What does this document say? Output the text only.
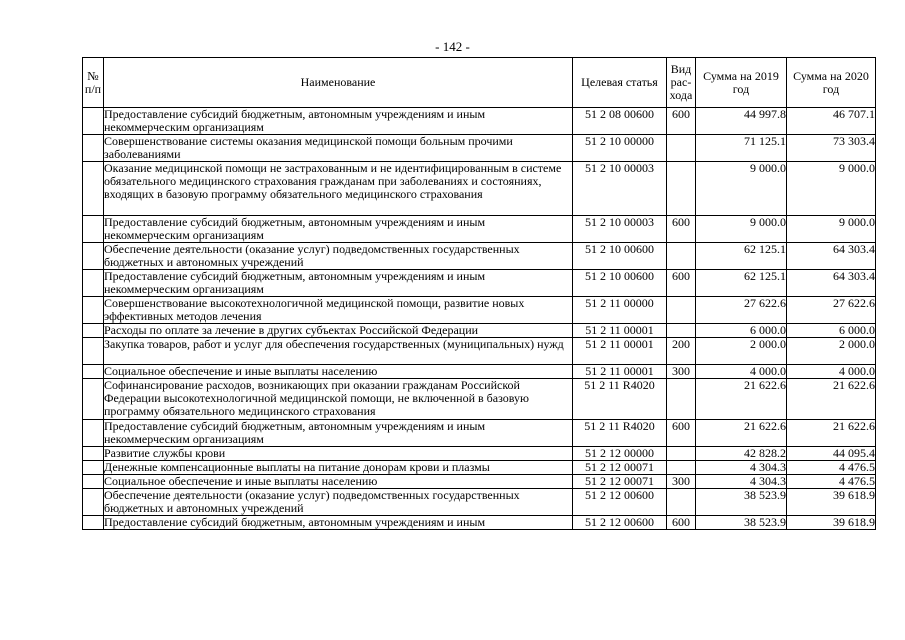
- 142 -
№ п/п	Наименование	Целевая статья	Вид рас-хода	Сумма на 2019 год	Сумма на 2020 год
	Предоставление субсидий бюджетным, автономным учреждениям и иным некоммерческим организациям	51 2 08 00600	600	44 997.8	46 707.1
	Совершенствование системы оказания медицинской помощи больным прочими заболеваниями	51 2 10 00000		71 125.1	73 303.4
	Оказание медицинской помощи не застрахованным и не идентифицированным в системе обязательного медицинского страхования гражданам при заболеваниях и состояниях, входящих в базовую программу обязательного медицинского страхования	51 2 10 00003		9 000.0	9 000.0
	Предоставление субсидий бюджетным, автономным учреждениям и иным некоммерческим организациям	51 2 10 00003	600	9 000.0	9 000.0
	Обеспечение деятельности (оказание услуг) подведомственных государственных бюджетных и автономных учреждений	51 2 10 00600		62 125.1	64 303.4
	Предоставление субсидий бюджетным, автономным учреждениям и иным некоммерческим организациям	51 2 10 00600	600	62 125.1	64 303.4
	Совершенствование высокотехнологичной медицинской помощи, развитие новых эффективных методов лечения	51 2 11 00000		27 622.6	27 622.6
	Расходы по оплате за лечение в других субъектах Российской Федерации	51 2 11 00001		6 000.0	6 000.0
	Закупка товаров, работ и услуг для обеспечения государственных (муниципальных) нужд	51 2 11 00001	200	2 000.0	2 000.0
	Социальное обеспечение и иные выплаты населению	51 2 11 00001	300	4 000.0	4 000.0
	Софинансирование расходов, возникающих при оказании гражданам Российской Федерации высокотехнологичной медицинской помощи, не включенной в базовую программу обязательного медицинского страхования	51 2 11 R4020		21 622.6	21 622.6
	Предоставление субсидий бюджетным, автономным учреждениям и иным некоммерческим организациям	51 2 11 R4020	600	21 622.6	21 622.6
	Развитие службы крови	51 2 12 00000		42 828.2	44 095.4
	Денежные компенсационные выплаты на питание донорам крови и плазмы	51 2 12 00071		4 304.3	4 476.5
	Социальное обеспечение и иные выплаты населению	51 2 12 00071	300	4 304.3	4 476.5
	Обеспечение деятельности (оказание услуг) подведомственных государственных бюджетных и автономных учреждений	51 2 12 00600		38 523.9	39 618.9
	Предоставление субсидий бюджетным, автономным учреждениям и иным	51 2 12 00600	600	38 523.9	39 618.9
